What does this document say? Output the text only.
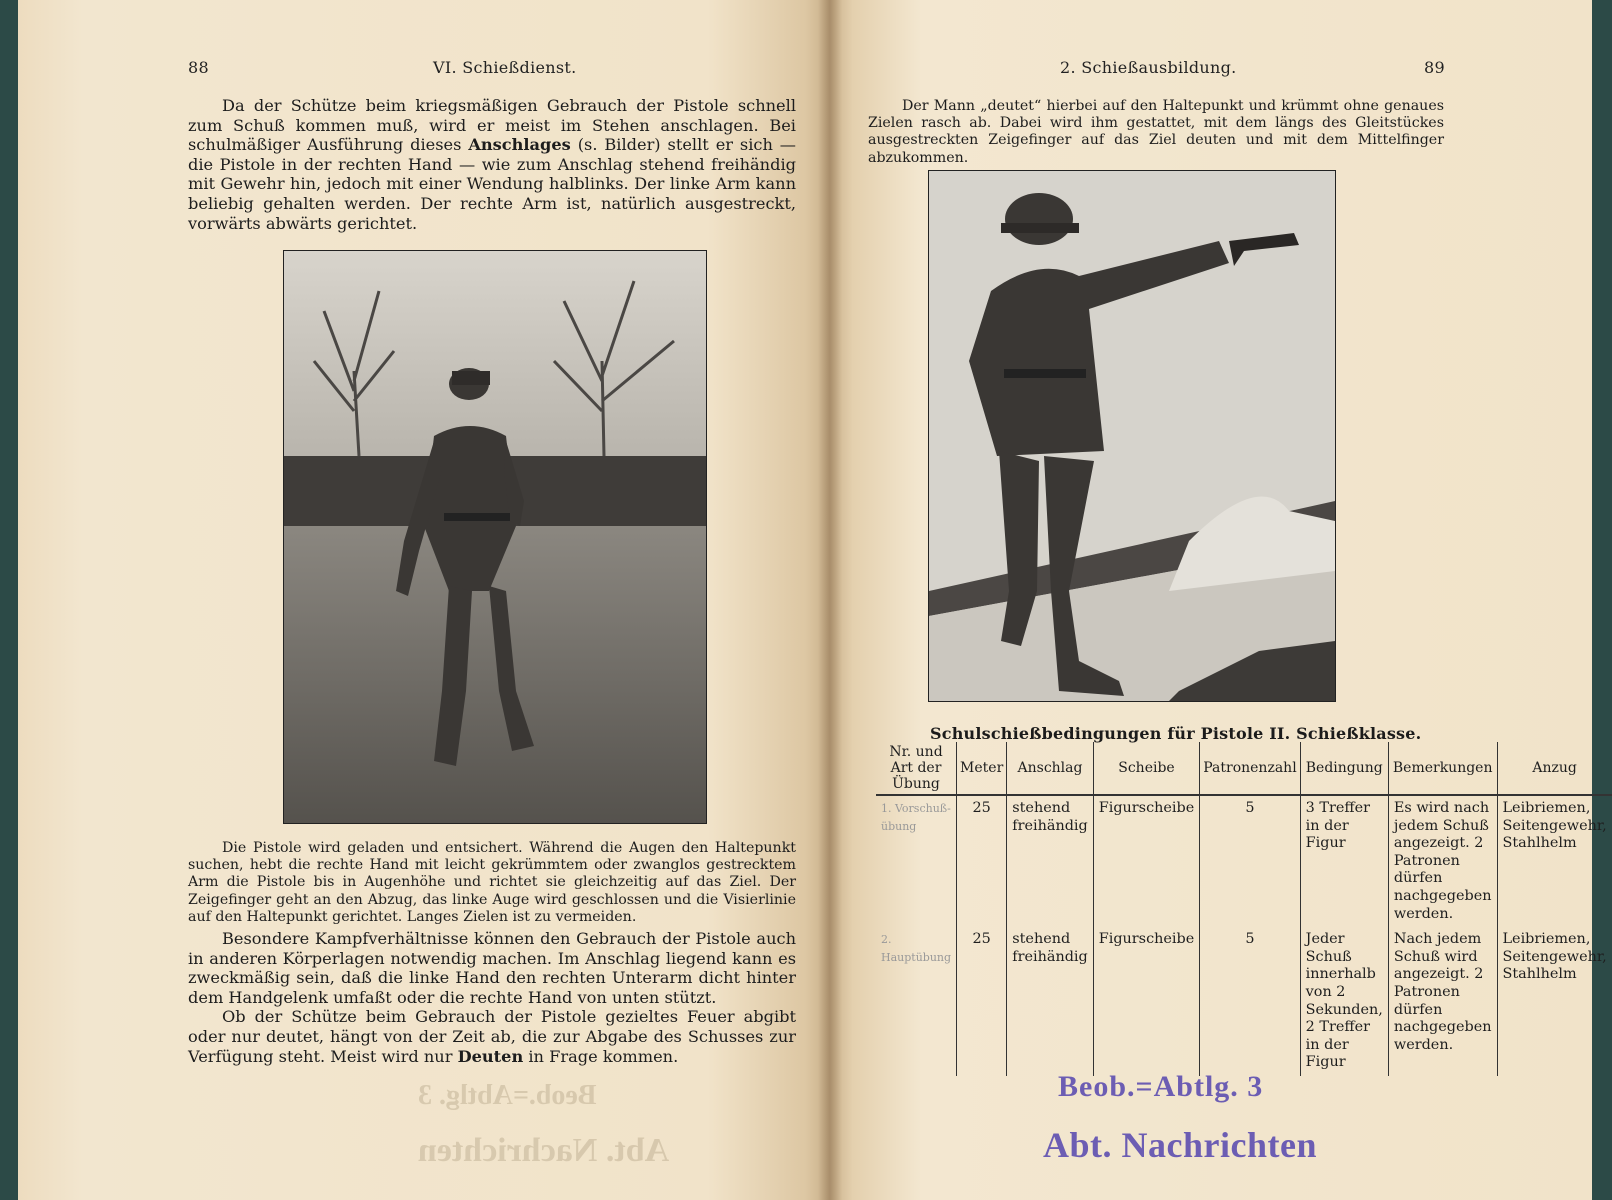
88	VI. Schießdienst.

Da der Schütze beim kriegsmäßigen Gebrauch der Pistole schnell zum Schuß kommen muß, wird er meist im Stehen anschlagen. Bei schulmäßiger Ausführung dieses Anschlages (s. Bilder) stellt er sich — die Pistole in der rechten Hand — wie zum Anschlag stehend freihändig mit Gewehr hin, jedoch mit einer Wendung halblinks. Der linke Arm kann beliebig gehalten werden. Der rechte Arm ist, natürlich ausgestreckt, vorwärts abwärts gerichtet.

Die Pistole wird geladen und entsichert. Während die Augen den Haltepunkt suchen, hebt die rechte Hand mit leicht gekrümmtem oder zwanglos gestrecktem Arm die Pistole bis in Augenhöhe und richtet sie gleichzeitig auf das Ziel. Der Zeigefinger geht an den Abzug, das linke Auge wird geschlossen und die Visierlinie auf den Haltepunkt gerichtet. Langes Zielen ist zu vermeiden.

Besondere Kampfverhältnisse können den Gebrauch der Pistole auch in anderen Körperlagen notwendig machen. Im Anschlag liegend kann es zweckmäßig sein, daß die linke Hand den rechten Unterarm dicht hinter dem Handgelenk umfaßt oder die rechte Hand von unten stützt.

Ob der Schütze beim Gebrauch der Pistole gezieltes Feuer abgibt oder nur deutet, hängt von der Zeit ab, die zur Abgabe des Schusses zur Verfügung steht. Meist wird nur Deuten in Frage kommen.

2. Schießausbildung.	89

Der Mann „deutet“ hierbei auf den Haltepunkt und krümmt ohne genaues Zielen rasch ab. Dabei wird ihm gestattet, mit dem längs des Gleitstückes ausgestreckten Zeigefinger auf das Ziel deuten und mit dem Mittelfinger abzukommen.

Schulschießbedingungen für Pistole II. Schießklasse.
Nr. und Art der Übung	Meter	Anschlag	Scheibe	Patronenzahl	Bedingung	Bemerkungen	Anzug
1. Vorschuß-übung	25	stehend freihändig	Figurscheibe	5	3 Treffer in der Figur	Es wird nach jedem Schuß angezeigt. 2 Patronen dürfen nachgegeben werden.	Leibriemen, Seitengewehr, Stahlhelm
2. Hauptübung	25	stehend freihändig	Figurscheibe	5	Jeder Schuß innerhalb von 2 Sekunden, 2 Treffer in der Figur	Nach jedem Schuß wird angezeigt. 2 Patronen dürfen nachgegeben werden.	Leibriemen, Seitengewehr, Stahlhelm
Beob.=Abtlg. 3
Abt. Nachrichten
Beob.=Abtlg. 3
Abt. Nachrichten
